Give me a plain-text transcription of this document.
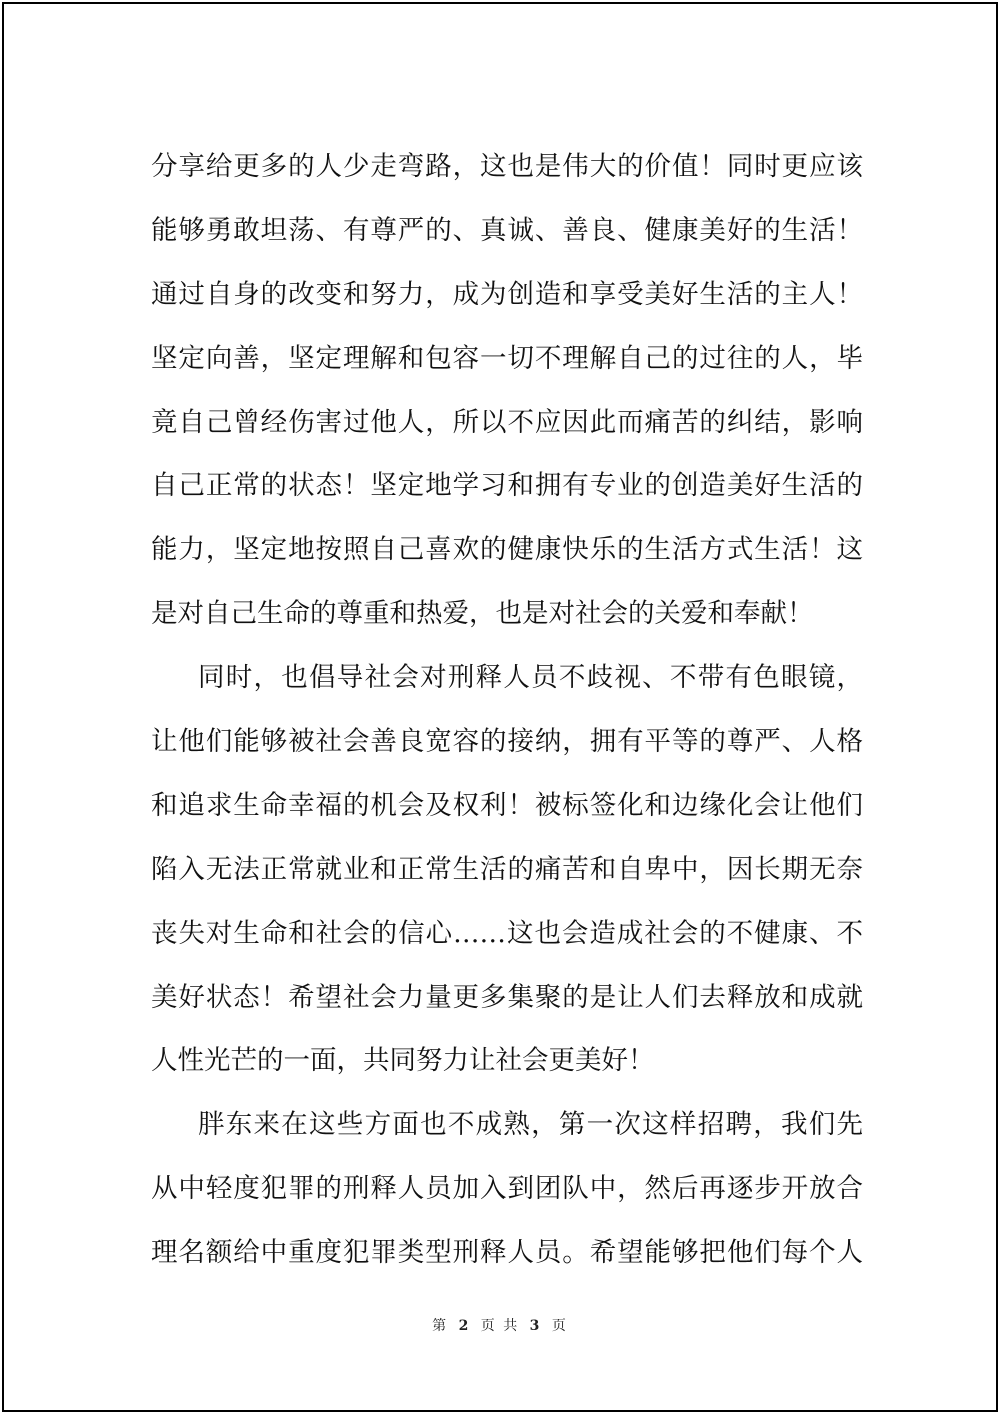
分享给更多的人少走弯路，这也是伟大的价值！同时更应该
能够勇敢坦荡、有尊严的、真诚、善良、健康美好的生活！
通过自身的改变和努力，成为创造和享受美好生活的主人！
坚定向善，坚定理解和包容一切不理解自己的过往的人，毕
竟自己曾经伤害过他人，所以不应因此而痛苦的纠结，影响
自己正常的状态！坚定地学习和拥有专业的创造美好生活的
能力，坚定地按照自己喜欢的健康快乐的生活方式生活！这
是对自己生命的尊重和热爱，也是对社会的关爱和奉献！
同时，也倡导社会对刑释人员不歧视、不带有色眼镜，
让他们能够被社会善良宽容的接纳，拥有平等的尊严、人格
和追求生命幸福的机会及权利！被标签化和边缘化会让他们
陷入无法正常就业和正常生活的痛苦和自卑中，因长期无奈
丧失对生命和社会的信心……这也会造成社会的不健康、不
美好状态！希望社会力量更多集聚的是让人们去释放和成就
人性光芒的一面，共同努力让社会更美好！
胖东来在这些方面也不成熟，第一次这样招聘，我们先
从中轻度犯罪的刑释人员加入到团队中，然后再逐步开放合
理名额给中重度犯罪类型刑释人员。希望能够把他们每个人
第 2 页 共 3 页
